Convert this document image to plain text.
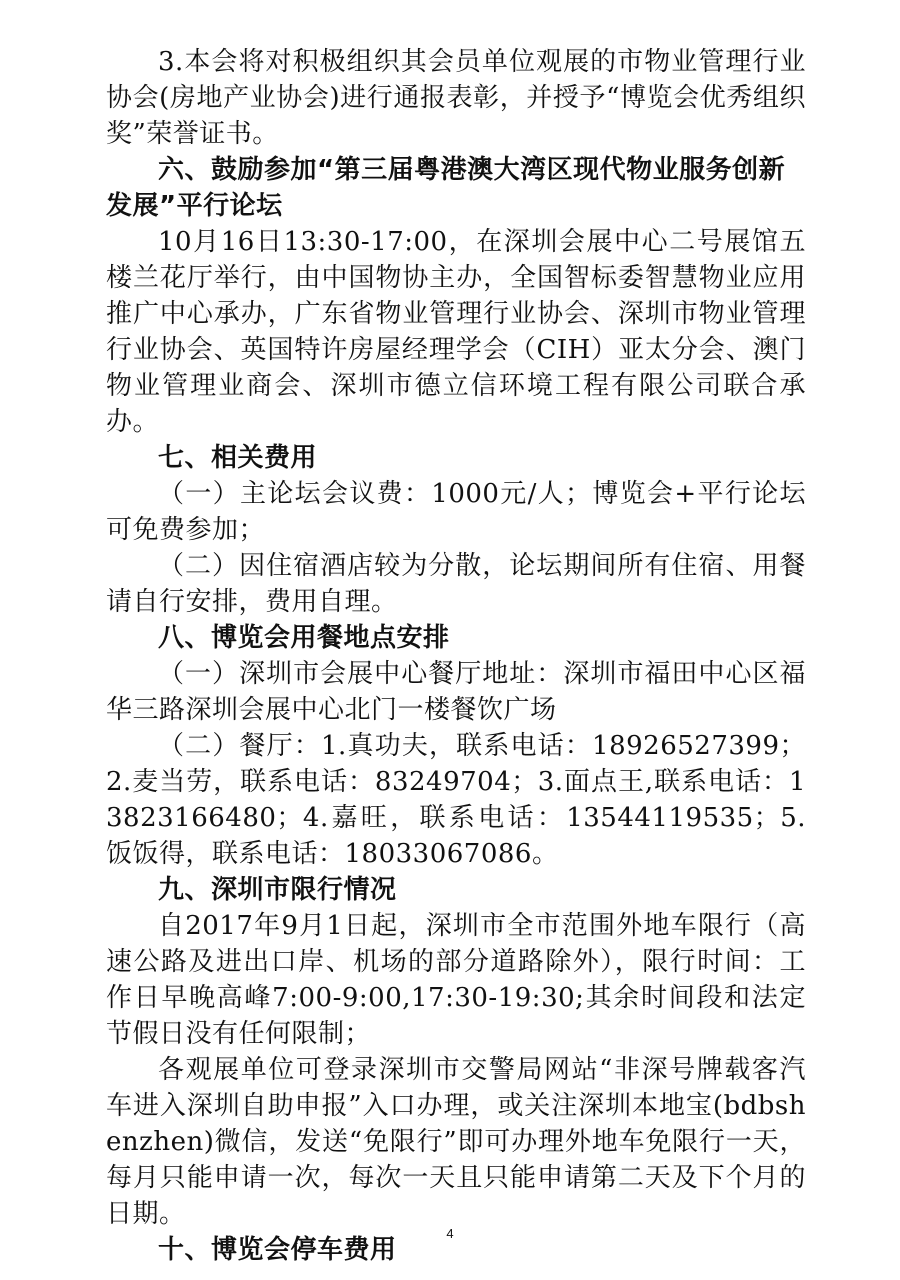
3.本会将对积极组织其会员单位观展的市物业管理行业协会(房地产业协会)进行通报表彰，并授予“博览会优秀组织奖”荣誉证书。

六、鼓励参加“第三届粤港澳大湾区现代物业服务创新发展”平行论坛

10月16日13:30-17:00，在深圳会展中心二号展馆五楼兰花厅举行，由中国物协主办，全国智标委智慧物业应用推广中心承办，广东省物业管理行业协会、深圳市物业管理行业协会、英国特许房屋经理学会（CIH）亚太分会、澳门物业管理业商会、深圳市德立信环境工程有限公司联合承办。

七、相关费用

（一）主论坛会议费：1000元/人；博览会+平行论坛可免费参加；

（二）因住宿酒店较为分散，论坛期间所有住宿、用餐请自行安排，费用自理。

八、博览会用餐地点安排

（一）深圳市会展中心餐厅地址：深圳市福田中心区福华三路深圳会展中心北门一楼餐饮广场

（二）餐厅：1.真功夫，联系电话：18926527399；2.麦当劳，联系电话：83249704；3.面点王,联系电话：13823166480；4.嘉旺，联系电话：13544119535；5.饭饭得，联系电话：18033067086。

九、深圳市限行情况

自2017年9月1日起，深圳市全市范围外地车限行（高速公路及进出口岸、机场的部分道路除外），限行时间：工作日早晚高峰7:00-9:00,17:30-19:30;其余时间段和法定节假日没有任何限制；

各观展单位可登录深圳市交警局网站“非深号牌载客汽车进入深圳自助申报”入口办理，或关注深圳本地宝(bdbshenzhen)微信，发送“免限行”即可办理外地车免限行一天，每月只能申请一次，每次一天且只能申请第二天及下个月的日期。

十、博览会停车费用

4
